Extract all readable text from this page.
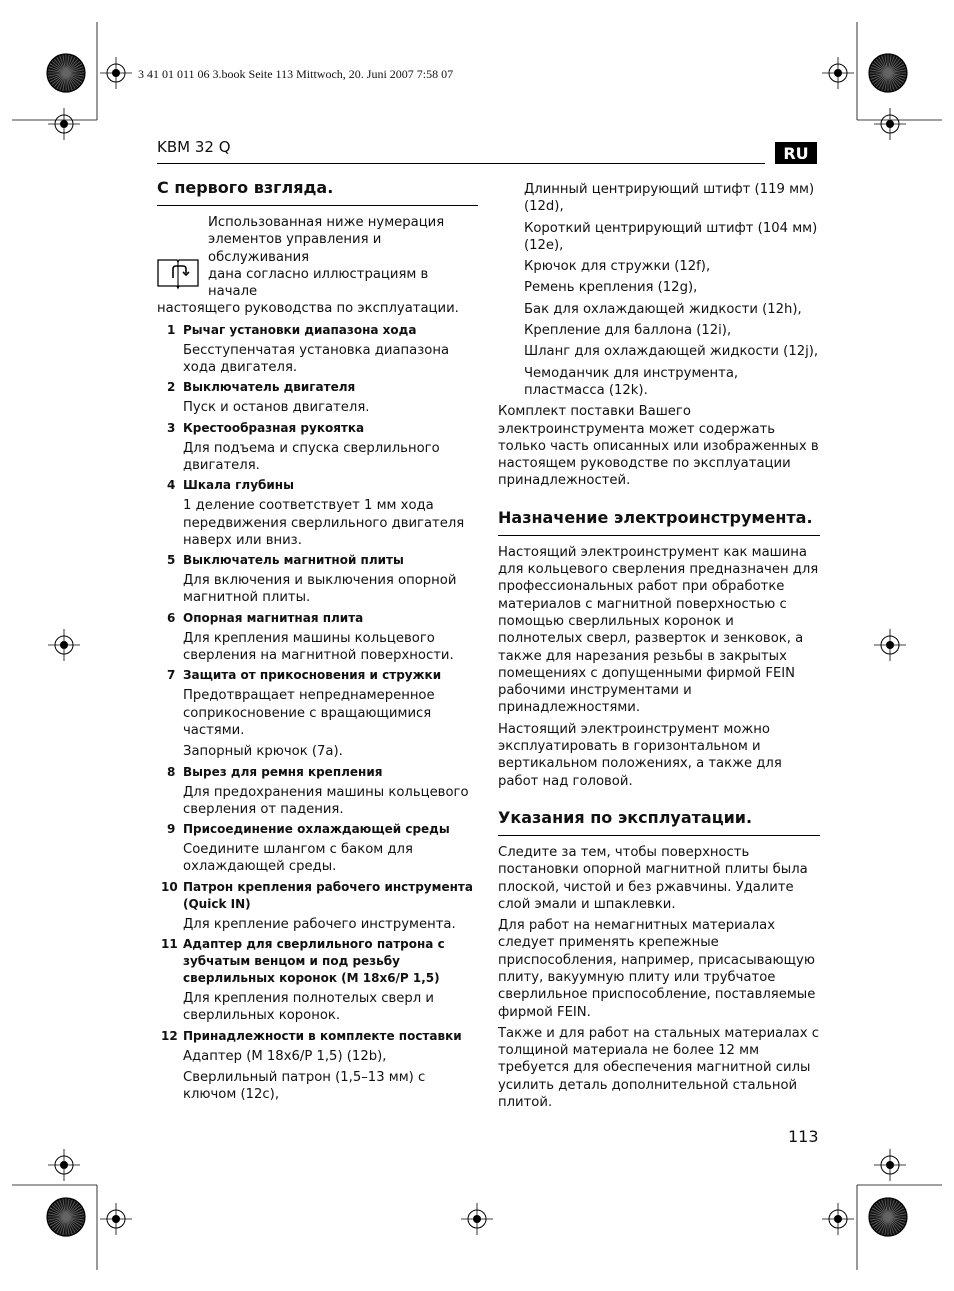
3 41 01 011 06 3.book Seite 113 Mittwoch, 20. Juni 2007 7:58 07
KBM 32 Q	RU
С первого взгляда.
Использованная ниже нумерация
элементов управления и обслуживания
дана согласно иллюстрациям в начале
настоящего руководства по эксплуатации.
1 Рычаг установки диапазона хода
Бесступенчатая установка диапазона хода двигателя.
2 Выключатель двигателя
Пуск и останов двигателя.
3 Крестообразная рукоятка
Для подъема и спуска сверлильного двигателя.
4 Шкала глубины
1 деление соответствует 1 мм хода передвижения сверлильного двигателя наверх или вниз.
5 Выключатель магнитной плиты
Для включения и выключения опорной магнитной плиты.
6 Опорная магнитная плита
Для крепления машины кольцевого сверления на магнитной поверхности.
7 Защита от прикосновения и стружки
Предотвращает непреднамеренное соприкосновение с вращающимися частями.
Запорный крючок (7a).
8 Вырез для ремня крепления
Для предохранения машины кольцевого сверления от падения.
9 Присоединение охлаждающей среды
Соедините шлангом с баком для охлаждающей среды.
10 Патрон крепления рабочего инструмента (Quick IN)
Для крепление рабочего инструмента.
11 Адаптер для сверлильного патрона с зубчатым венцом и под резьбу сверлильных коронок (M 18x6/P 1,5)
Для крепления полнотелых сверл и сверлильных коронок.
12 Принадлежности в комплекте поставки
Адаптер (M 18x6/P 1,5) (12b),
Сверлильный патрон (1,5–13 мм) с ключом (12c),
Длинный центрирующий штифт (119 мм) (12d),
Короткий центрирующий штифт (104 мм) (12e),
Крючок для стружки (12f),
Ремень крепления (12g),
Бак для охлаждающей жидкости (12h),
Крепление для баллона (12i),
Шланг для охлаждающей жидкости (12j),
Чемоданчик для инструмента, пластмасса (12k).
Комплект поставки Вашего электроинструмента может содержать только часть описанных или изображенных в настоящем руководстве по эксплуатации принадлежностей.
Назначение электроинструмента.
Настоящий электроинструмент как машина для кольцевого сверления предназначен для профессиональных работ при обработке материалов с магнитной поверхностью с помощью сверлильных коронок и полнотелых сверл, разверток и зенковок, а также для нарезания резьбы в закрытых помещениях с допущенными фирмой FEIN рабочими инструментами и принадлежностями.
Настоящий электроинструмент можно эксплуатировать в горизонтальном и вертикальном положениях, а также для работ над головой.
Указания по эксплуатации.
Следите за тем, чтобы поверхность постановки опорной магнитной плиты была плоской, чистой и без ржавчины. Удалите слой эмали и шпаклевки.
Для работ на немагнитных материалах следует применять крепежные приспособления, например, присасывающую плиту, вакуумную плиту или трубчатое сверлильное приспособление, поставляемые фирмой FEIN.
Также и для работ на стальных материалах с толщиной материала не более 12 мм требуется для обеспечения магнитной силы усилить деталь дополнительной стальной плитой.
113
